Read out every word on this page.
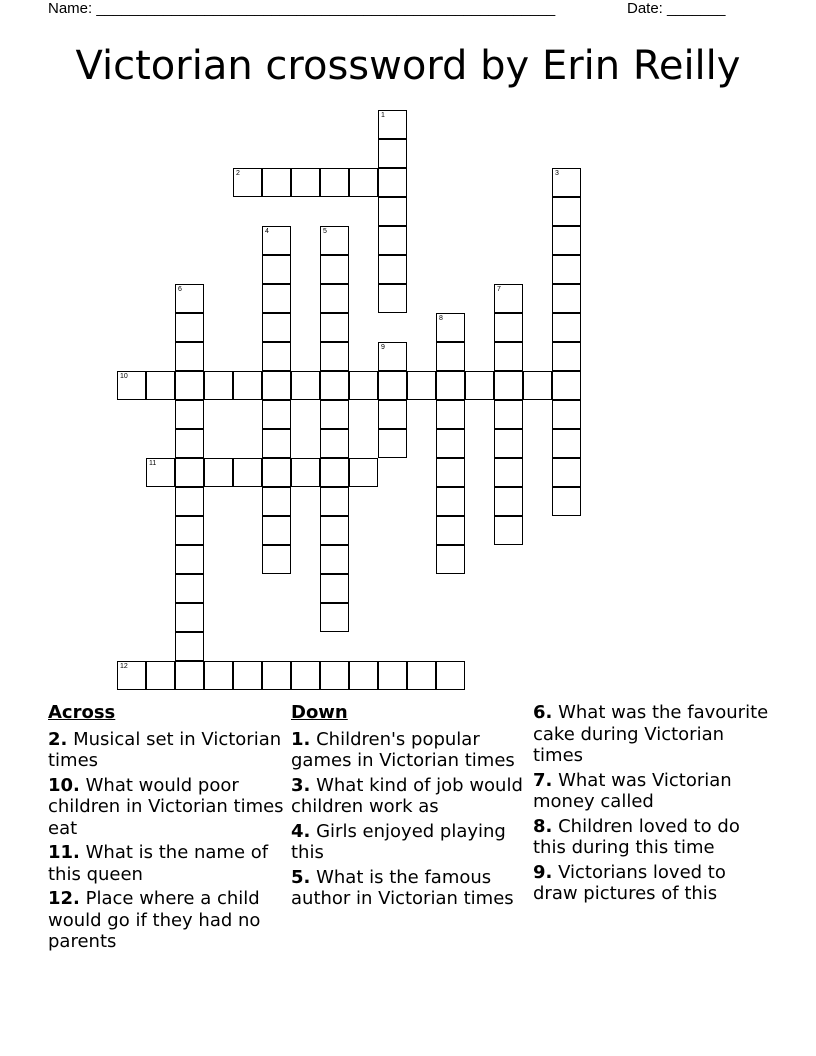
Name: _______________________________________________________	Date: _______
Victorian crossword by Erin Reilly
1
2	3
4	5
6	7
8
9
10
11
12
Across
2. Musical set in Victorian times
10. What would poor children in Victorian times eat
11. What is the name of this queen
12. Place where a child would go if they had no parents
Down
1. Children's popular games in Victorian times
3. What kind of job would children work as
4. Girls enjoyed playing this
5. What is the famous author in Victorian times
6. What was the favourite cake during Victorian times
7. What was Victorian money called
8. Children loved to do this during this time
9. Victorians loved to draw pictures of this
